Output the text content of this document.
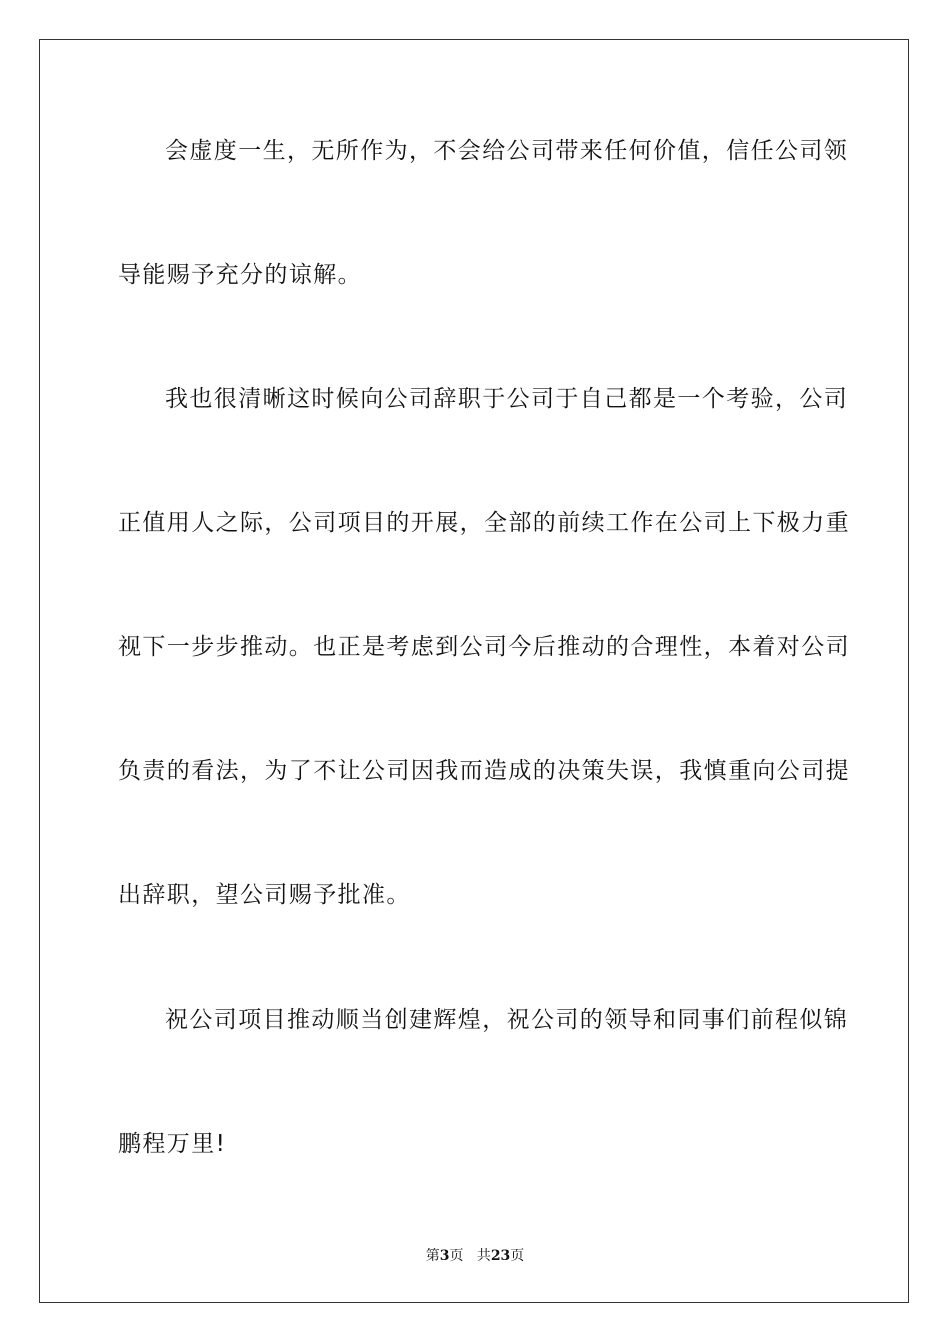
会虚度一生，无所作为，不会给公司带来任何价值，信任公司领
导能赐予充分的谅解。
我也很清晰这时候向公司辞职于公司于自己都是一个考验，公司
正值用人之际，公司项目的开展，全部的前续工作在公司上下极力重
视下一步步推动。也正是考虑到公司今后推动的合理性，本着对公司
负责的看法，为了不让公司因我而造成的决策失误，我慎重向公司提
出辞职，望公司赐予批准。
祝公司项目推动顺当创建辉煌，祝公司的领导和同事们前程似锦
鹏程万里!
第3页 共23页
